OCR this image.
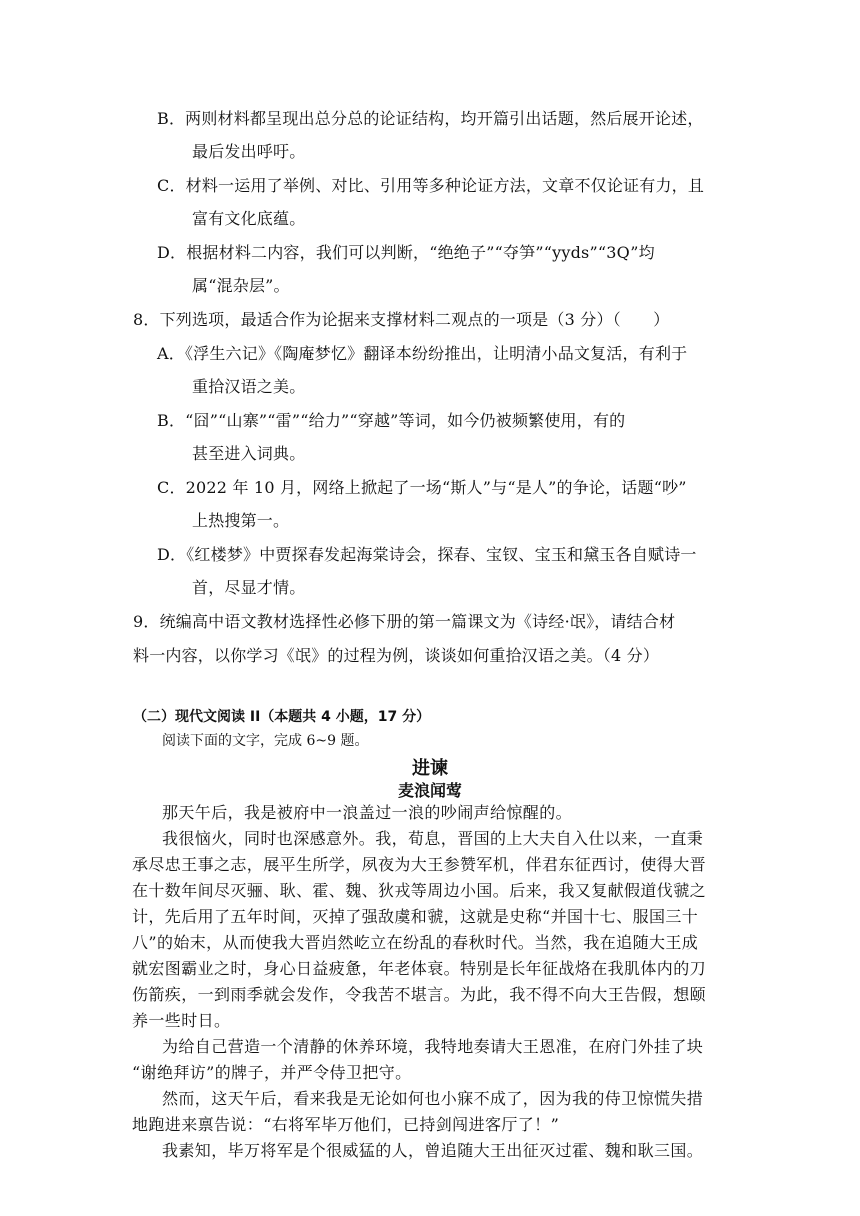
B．两则材料都呈现出总分总的论证结构，均开篇引出话题，然后展开论述，
最后发出呼吁。
C．材料一运用了举例、对比、引用等多种论证方法，文章不仅论证有力，且
富有文化底蕴。
D．根据材料二内容，我们可以判断，“绝绝子”“夺笋”“yyds”“3Q”均
属“混杂层”。
8．下列选项，最适合作为论据来支撑材料二观点的一项是（3 分）（　　）
A．《浮生六记》《陶庵梦忆》翻译本纷纷推出，让明清小品文复活，有利于
重拾汉语之美。
B．“囧”“山寨”“雷”“给力”“穿越”等词，如今仍被频繁使用，有的
甚至进入词典。
C．2022 年 10 月，网络上掀起了一场“斯人”与“是人”的争论，话题“吵”
上热搜第一。
D．《红楼梦》中贾探春发起海棠诗会，探春、宝钗、宝玉和黛玉各自赋诗一
首，尽显才情。
9．统编高中语文教材选择性必修下册的第一篇课文为《诗经·氓》，请结合材
料一内容，以你学习《氓》的过程为例，谈谈如何重拾汉语之美。（4 分）
（二）现代文阅读 II（本题共 4 小题，17 分）
阅读下面的文字，完成 6~9 题。
进谏
麦浪闻莺
那天午后，我是被府中一浪盖过一浪的吵闹声给惊醒的。
我很恼火，同时也深感意外。我，荀息，晋国的上大夫自入仕以来，一直秉
承尽忠王事之志，展平生所学，夙夜为大王参赞军机，伴君东征西讨，使得大晋
在十数年间尽灭骊、耿、霍、魏、狄戎等周边小国。后来，我又复献假道伐虢之
计，先后用了五年时间，灭掉了强敌虞和虢，这就是史称“并国十七、服国三十
八”的始末，从而使我大晋岿然屹立在纷乱的春秋时代。当然，我在追随大王成
就宏图霸业之时，身心日益疲惫，年老体衰。特别是长年征战烙在我肌体内的刀
伤箭疾，一到雨季就会发作，令我苦不堪言。为此，我不得不向大王告假，想颐
养一些时日。
为给自己营造一个清静的休养环境，我特地奏请大王恩准，在府门外挂了块
“谢绝拜访”的牌子，并严令侍卫把守。
然而，这天午后，看来我是无论如何也小寐不成了，因为我的侍卫惊慌失措
地跑进来禀告说：“右将军毕万他们，已持剑闯进客厅了！”
我素知，毕万将军是个很威猛的人，曾追随大王出征灭过霍、魏和耿三国。
